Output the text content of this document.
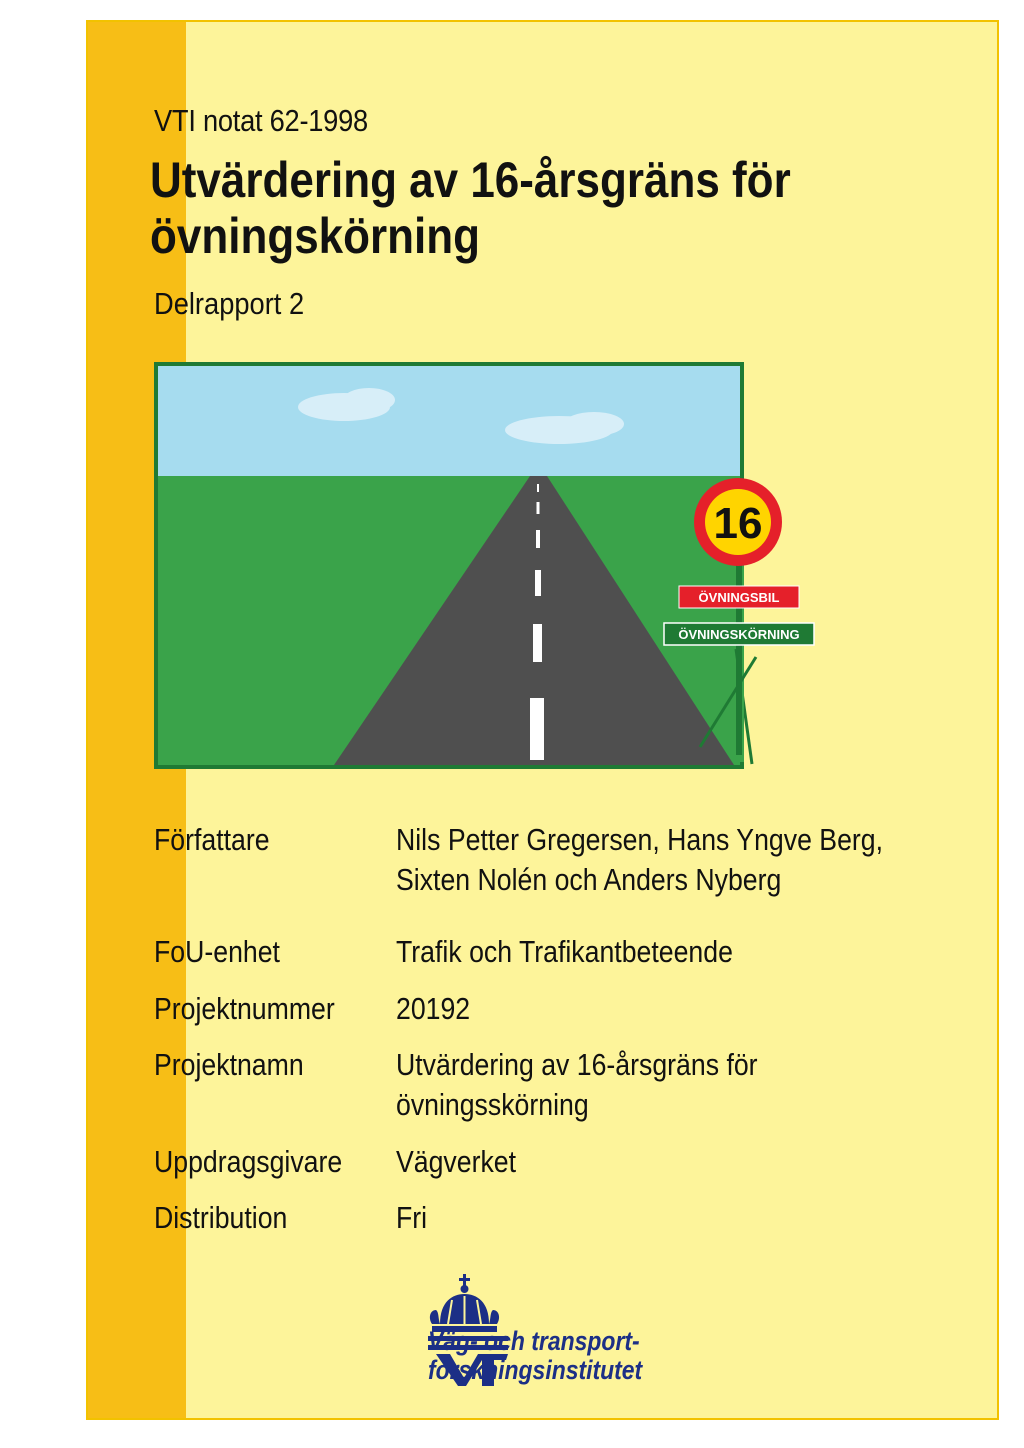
VTI notat 62-1998
Utvärdering av 16-årsgräns för
övningskörning
Delrapport 2
16
ÖVNINGSBIL
ÖVNINGSKÖRNING
Författare	Nils Petter Gregersen, Hans Yngve Berg,
Sixten Nolén och Anders Nyberg
FoU-enhet	Trafik och Trafikantbeteende
Projektnummer 20192
Projektnamn	Utvärdering av 16-årsgräns för
övningsskörning
Uppdragsgivare Vägverket
Distribution	Fri
Väg- och transport-
forskningsinstitutet
